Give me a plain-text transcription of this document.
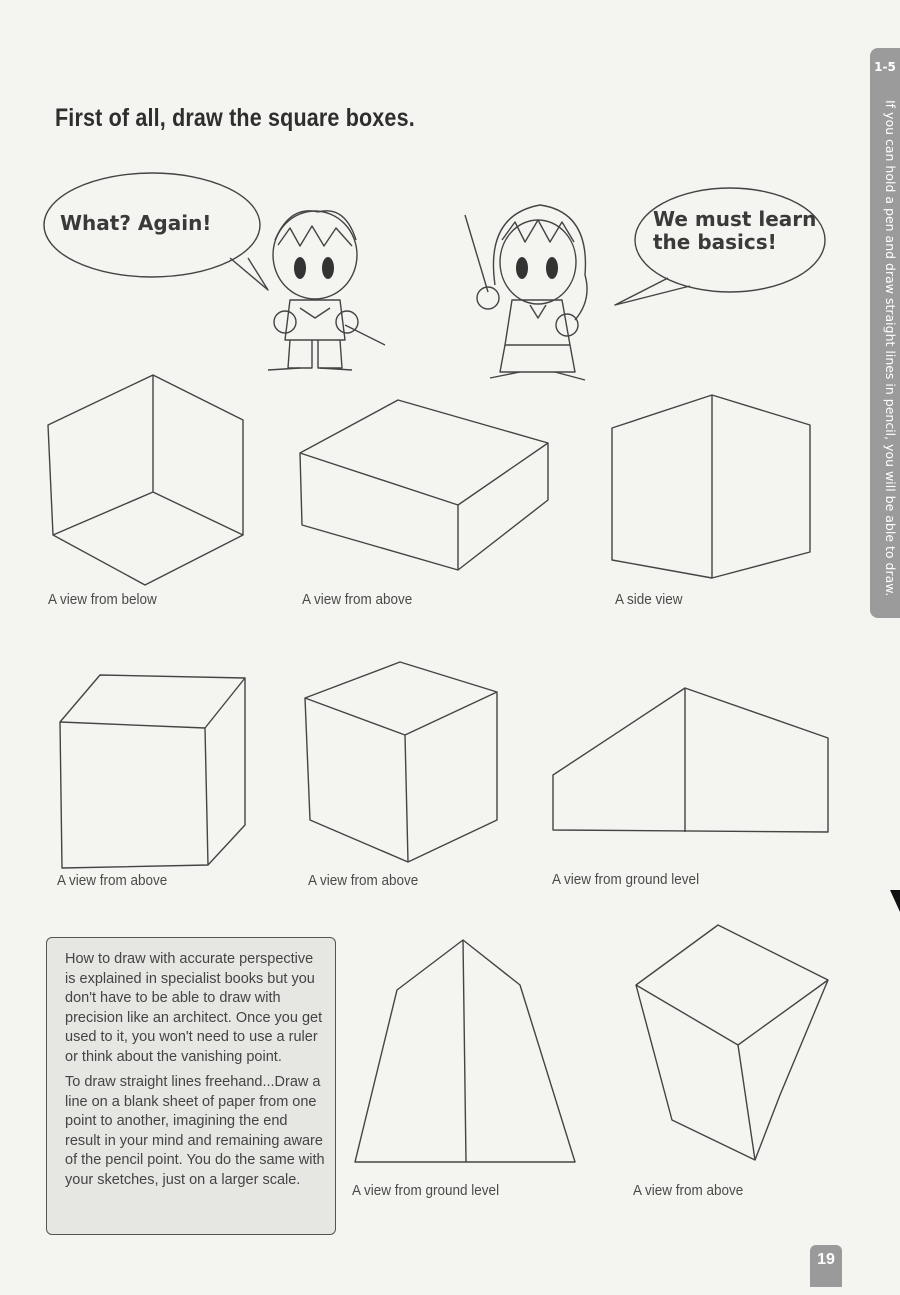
First of all, draw the square boxes.
1-5
If you can hold a pen and draw straight lines in pencil, you will be able to draw.
What? Again!	We must learn
the basics!
A view from below	A view from above	A side view
A view from above	A view from above	A view from ground level
A view from ground level	A view from above

How to draw with accurate perspective is explained in specialist books but you don't have to be able to draw with precision like an architect. Once you get used to it, you won't need to use a ruler or think about the vanishing point.

To draw straight lines freehand...Draw a line on a blank sheet of paper from one point to another, imagining the end result in your mind and remaining aware of the pencil point. You do the same with your sketches, just on a larger scale.

19
